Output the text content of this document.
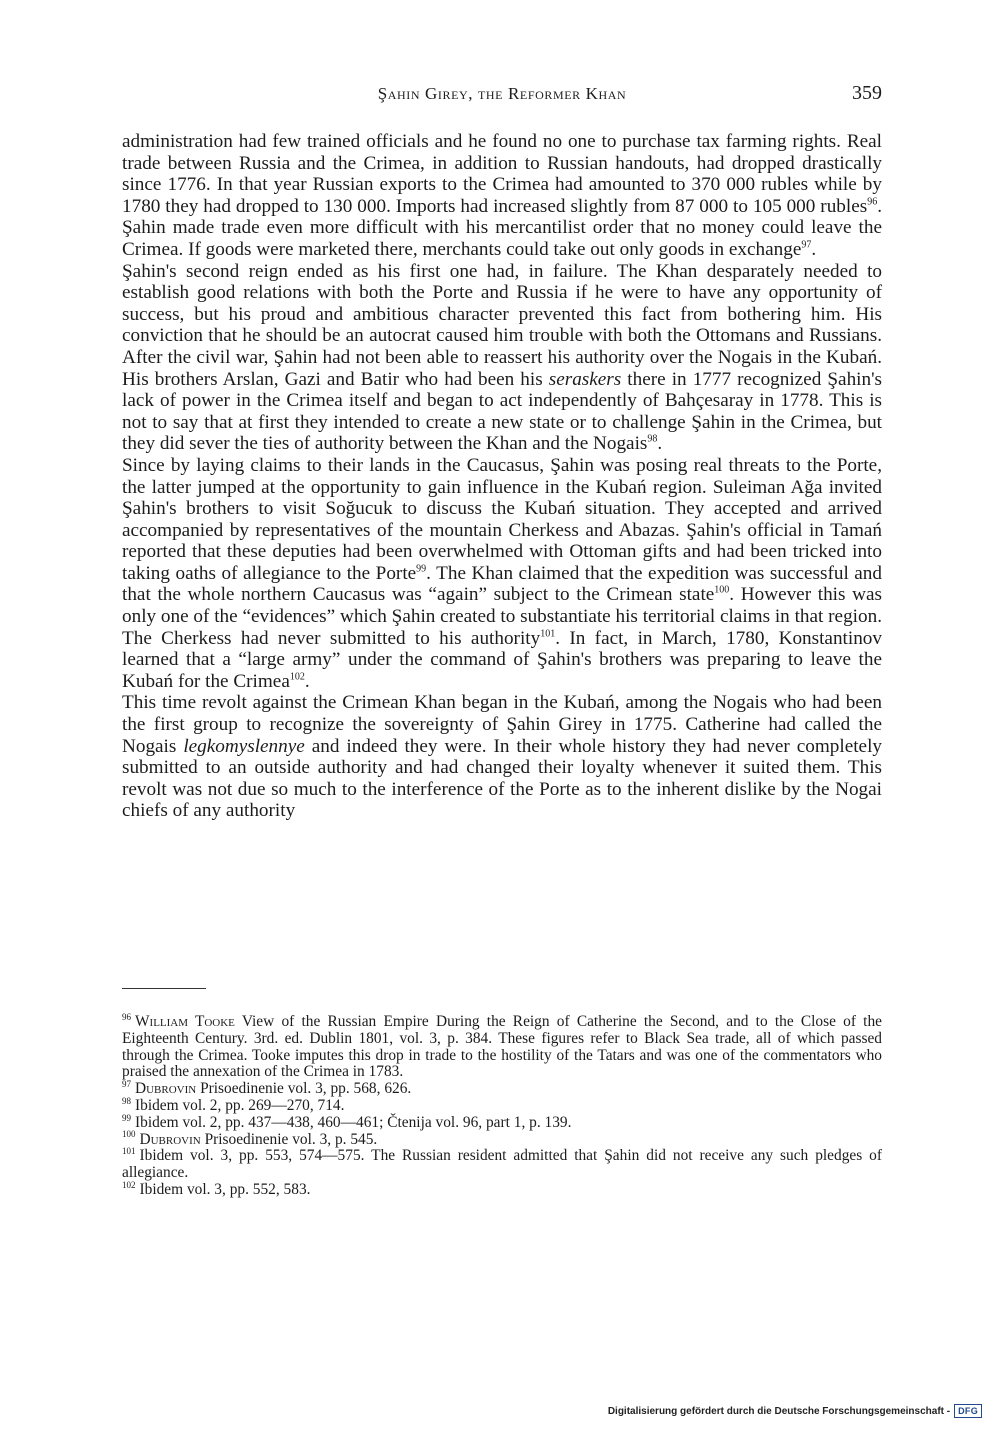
Şahin Girey, the Reformer Khan	359

administration had few trained officials and he found no one to purchase tax farming rights. Real trade between Russia and the Crimea, in addition to Russian handouts, had dropped drastically since 1776. In that year Russian exports to the Crimea had amounted to 370 000 rubles while by 1780 they had dropped to 130 000. Imports had increased slightly from 87 000 to 105 000 rubles$^{96}$. Şahin made trade even more difficult with his mercantilist order that no money could leave the Crimea. If goods were marketed there, merchants could take out only goods in exchange$^{97}$.

Şahin's second reign ended as his first one had, in failure. The Khan desparately needed to establish good relations with both the Porte and Russia if he were to have any opportunity of success, but his proud and ambitious character prevented this fact from bothering him. His conviction that he should be an autocrat caused him trouble with both the Ottomans and Russians. After the civil war, Şahin had not been able to reassert his authority over the Nogais in the Kubań. His brothers Arslan, Gazi and Batir who had been his seraskers there in 1777 recognized Şahin's lack of power in the Crimea itself and began to act independently of Bahçesaray in 1778. This is not to say that at first they intended to create a new state or to challenge Şahin in the Crimea, but they did sever the ties of authority between the Khan and the Nogais$^{98}$.

Since by laying claims to their lands in the Caucasus, Şahin was posing real threats to the Porte, the latter jumped at the opportunity to gain influence in the Kubań region. Suleiman Ağa invited Şahin's brothers to visit Soğucuk to discuss the Kubań situation. They accepted and arrived accompanied by representatives of the mountain Cherkess and Abazas. Şahin's official in Tamań reported that these deputies had been overwhelmed with Ottoman gifts and had been tricked into taking oaths of allegiance to the Porte$^{99}$. The Khan claimed that the expedition was successful and that the whole northern Caucasus was “again” subject to the Crimean state$^{100}$. However this was only one of the “evidences” which Şahin created to substantiate his territorial claims in that region. The Cherkess had never submitted to his authority$^{101}$. In fact, in March, 1780, Konstantinov learned that a “large army” under the command of Şahin's brothers was preparing to leave the Kubań for the Crimea$^{102}$.

This time revolt against the Crimean Khan began in the Kubań, among the Nogais who had been the first group to recognize the sovereignty of Şahin Girey in 1775. Catherine had called the Nogais legkomyslennye and indeed they were. In their whole history they had never completely submitted to an outside authority and had changed their loyalty whenever it suited them. This revolt was not due so much to the interference of the Porte as to the inherent dislike by the Nogai chiefs of any authority

$^{96}$ William Tooke View of the Russian Empire During the Reign of Catherine the Second, and to the Close of the Eighteenth Century. 3rd. ed. Dublin 1801, vol. 3, p. 384. These figures refer to Black Sea trade, all of which passed through the Crimea. Tooke imputes this drop in trade to the hostility of the Tatars and was one of the commentators who praised the annexation of the Crimea in 1783.

$^{97}$ Dubrovin Prisoedinenie vol. 3, pp. 568, 626.

$^{98}$ Ibidem vol. 2, pp. 269—270, 714.

$^{99}$ Ibidem vol. 2, pp. 437—438, 460—461; Čtenija vol. 96, part 1, p. 139.

$^{100}$ Dubrovin Prisoedinenie vol. 3, p. 545.

$^{101}$ Ibidem vol. 3, pp. 553, 574—575. The Russian resident admitted that Şahin did not receive any such pledges of allegiance.

$^{102}$ Ibidem vol. 3, pp. 552, 583.

Digitalisierung gefördert durch die Deutsche Forschungsgemeinschaft - DFG
